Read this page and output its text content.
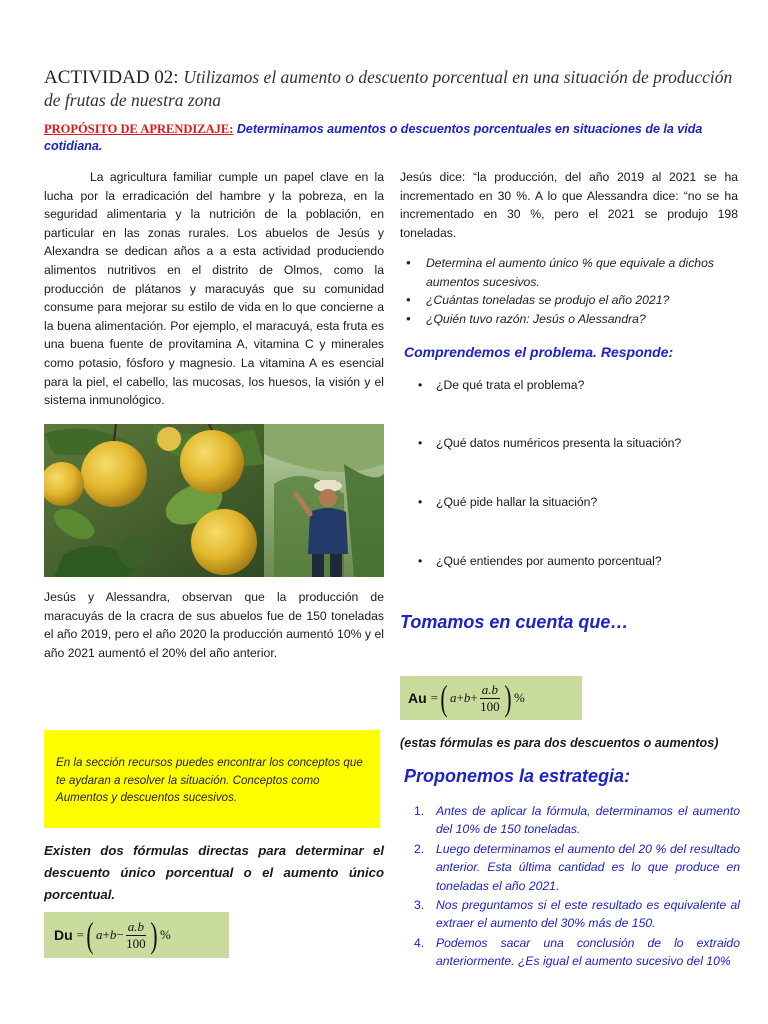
ACTIVIDAD 02: Utilizamos el aumento o descuento porcentual en una situación de producción de frutas de nuestra zona
PROPÓSITO DE APRENDIZAJE: Determinamos aumentos o descuentos porcentuales en situaciones de la vida cotidiana.

La agricultura familiar cumple un papel clave en la lucha por la erradicación del hambre y la pobreza, en la seguridad alimentaria y la nutrición de la población, en particular en las zonas rurales. Los abuelos de Jesús y Alexandra se dedican años a a esta actividad produciendo alimentos nutritivos en el distrito de Olmos, como la producción de plátanos y maracuyás que su comunidad consume para mejorar su estilo de vida en lo que concierne a la buena alimentación. Por ejemplo, el maracuyá, esta fruta es una buena fuente de provitamina A, vitamina C y minerales como potasio, fósforo y magnesio. La vitamina A es esencial para la piel, el cabello, las mucosas, los huesos, la visión y el sistema inmunológico.

Jesús y Alessandra, observan que la producción de maracuyás de la cracra de sus abuelos fue de 150 toneladas el año 2019, pero el año 2020 la producción aumentó 10% y el año 2021 aumentó el 20% del año anterior.

En la sección recursos puedes encontrar los conceptos que te aydaran a resolver la situación. Conceptos como Aumentos y descuentos sucesivos.

Existen dos fórmulas directas para determinar el descuento único porcentual o el aumento único porcentual.

Du = ( $a + b - \frac{a.b}{100}$ ) %

Jesús dice: “la producción, del año 2019 al 2021 se ha incrementado en 30 %. A lo que Alessandra dice: “no se ha incrementado en 30 %, pero el 2021 se produjo 198 toneladas.

• Determina el aumento único % que equivale a dichos aumentos sucesivos.
• ¿Cuántas toneladas se produjo el año 2021?
• ¿Quién tuvo razón: Jesús o Alessandra?
Comprendemos el problema. Responde:
• ¿De qué trata el problema?
• ¿Qué datos numéricos presenta la situación?
• ¿Qué pide hallar la situación?
• ¿Qué entiendes por aumento porcentual?
Tomamos en cuenta que…
Au = ( $a + b + \frac{a.b}{100}$ ) %
(estas fórmulas es para dos descuentos o aumentos)
Proponemos la estrategia:
1. Antes de aplicar la fórmula, determinamos el aumento del 10% de 150 toneladas.
2. Luego determinamos el aumento del 20 % del resultado anterior. Esta última cantidad es lo que produce en toneladas el año 2021.
3. Nos preguntamos si el este resultado es equivalente al extraer el aumento del 30% más de 150.
4. Podemos sacar una conclusión de lo extraido anteriormente. ¿Es igual el aumento sucesivo del 10%
